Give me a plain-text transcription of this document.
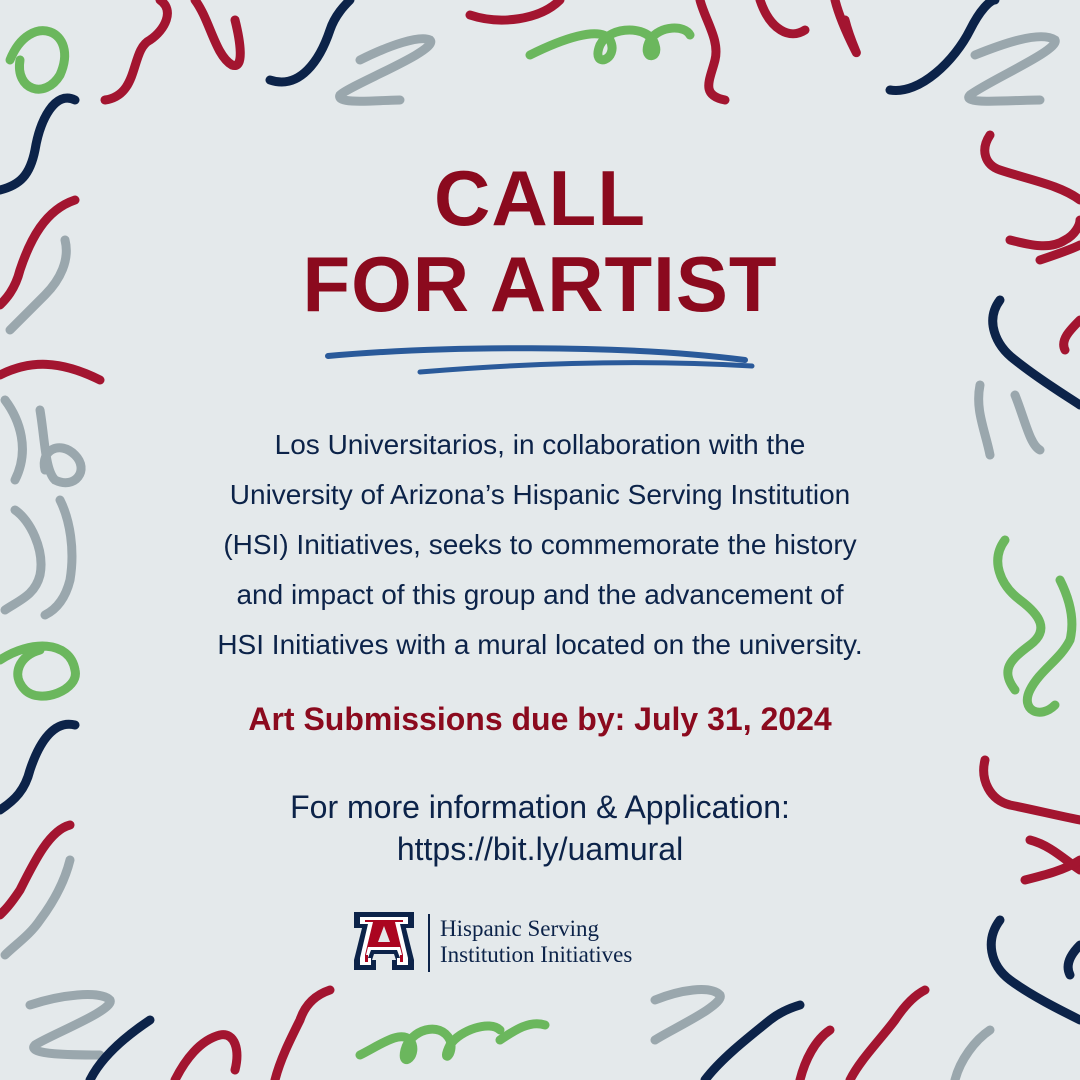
CALL
FOR ARTIST
Los Universitarios, in collaboration with the
University of Arizona’s Hispanic Serving Institution
(HSI) Initiatives, seeks to commemorate the history
and impact of this group and the advancement of
HSI Initiatives with a mural located on the university.
Art Submissions due by: July 31, 2024
For more information & Application:
https://bit.ly/uamural
Hispanic Serving
Institution Initiatives
